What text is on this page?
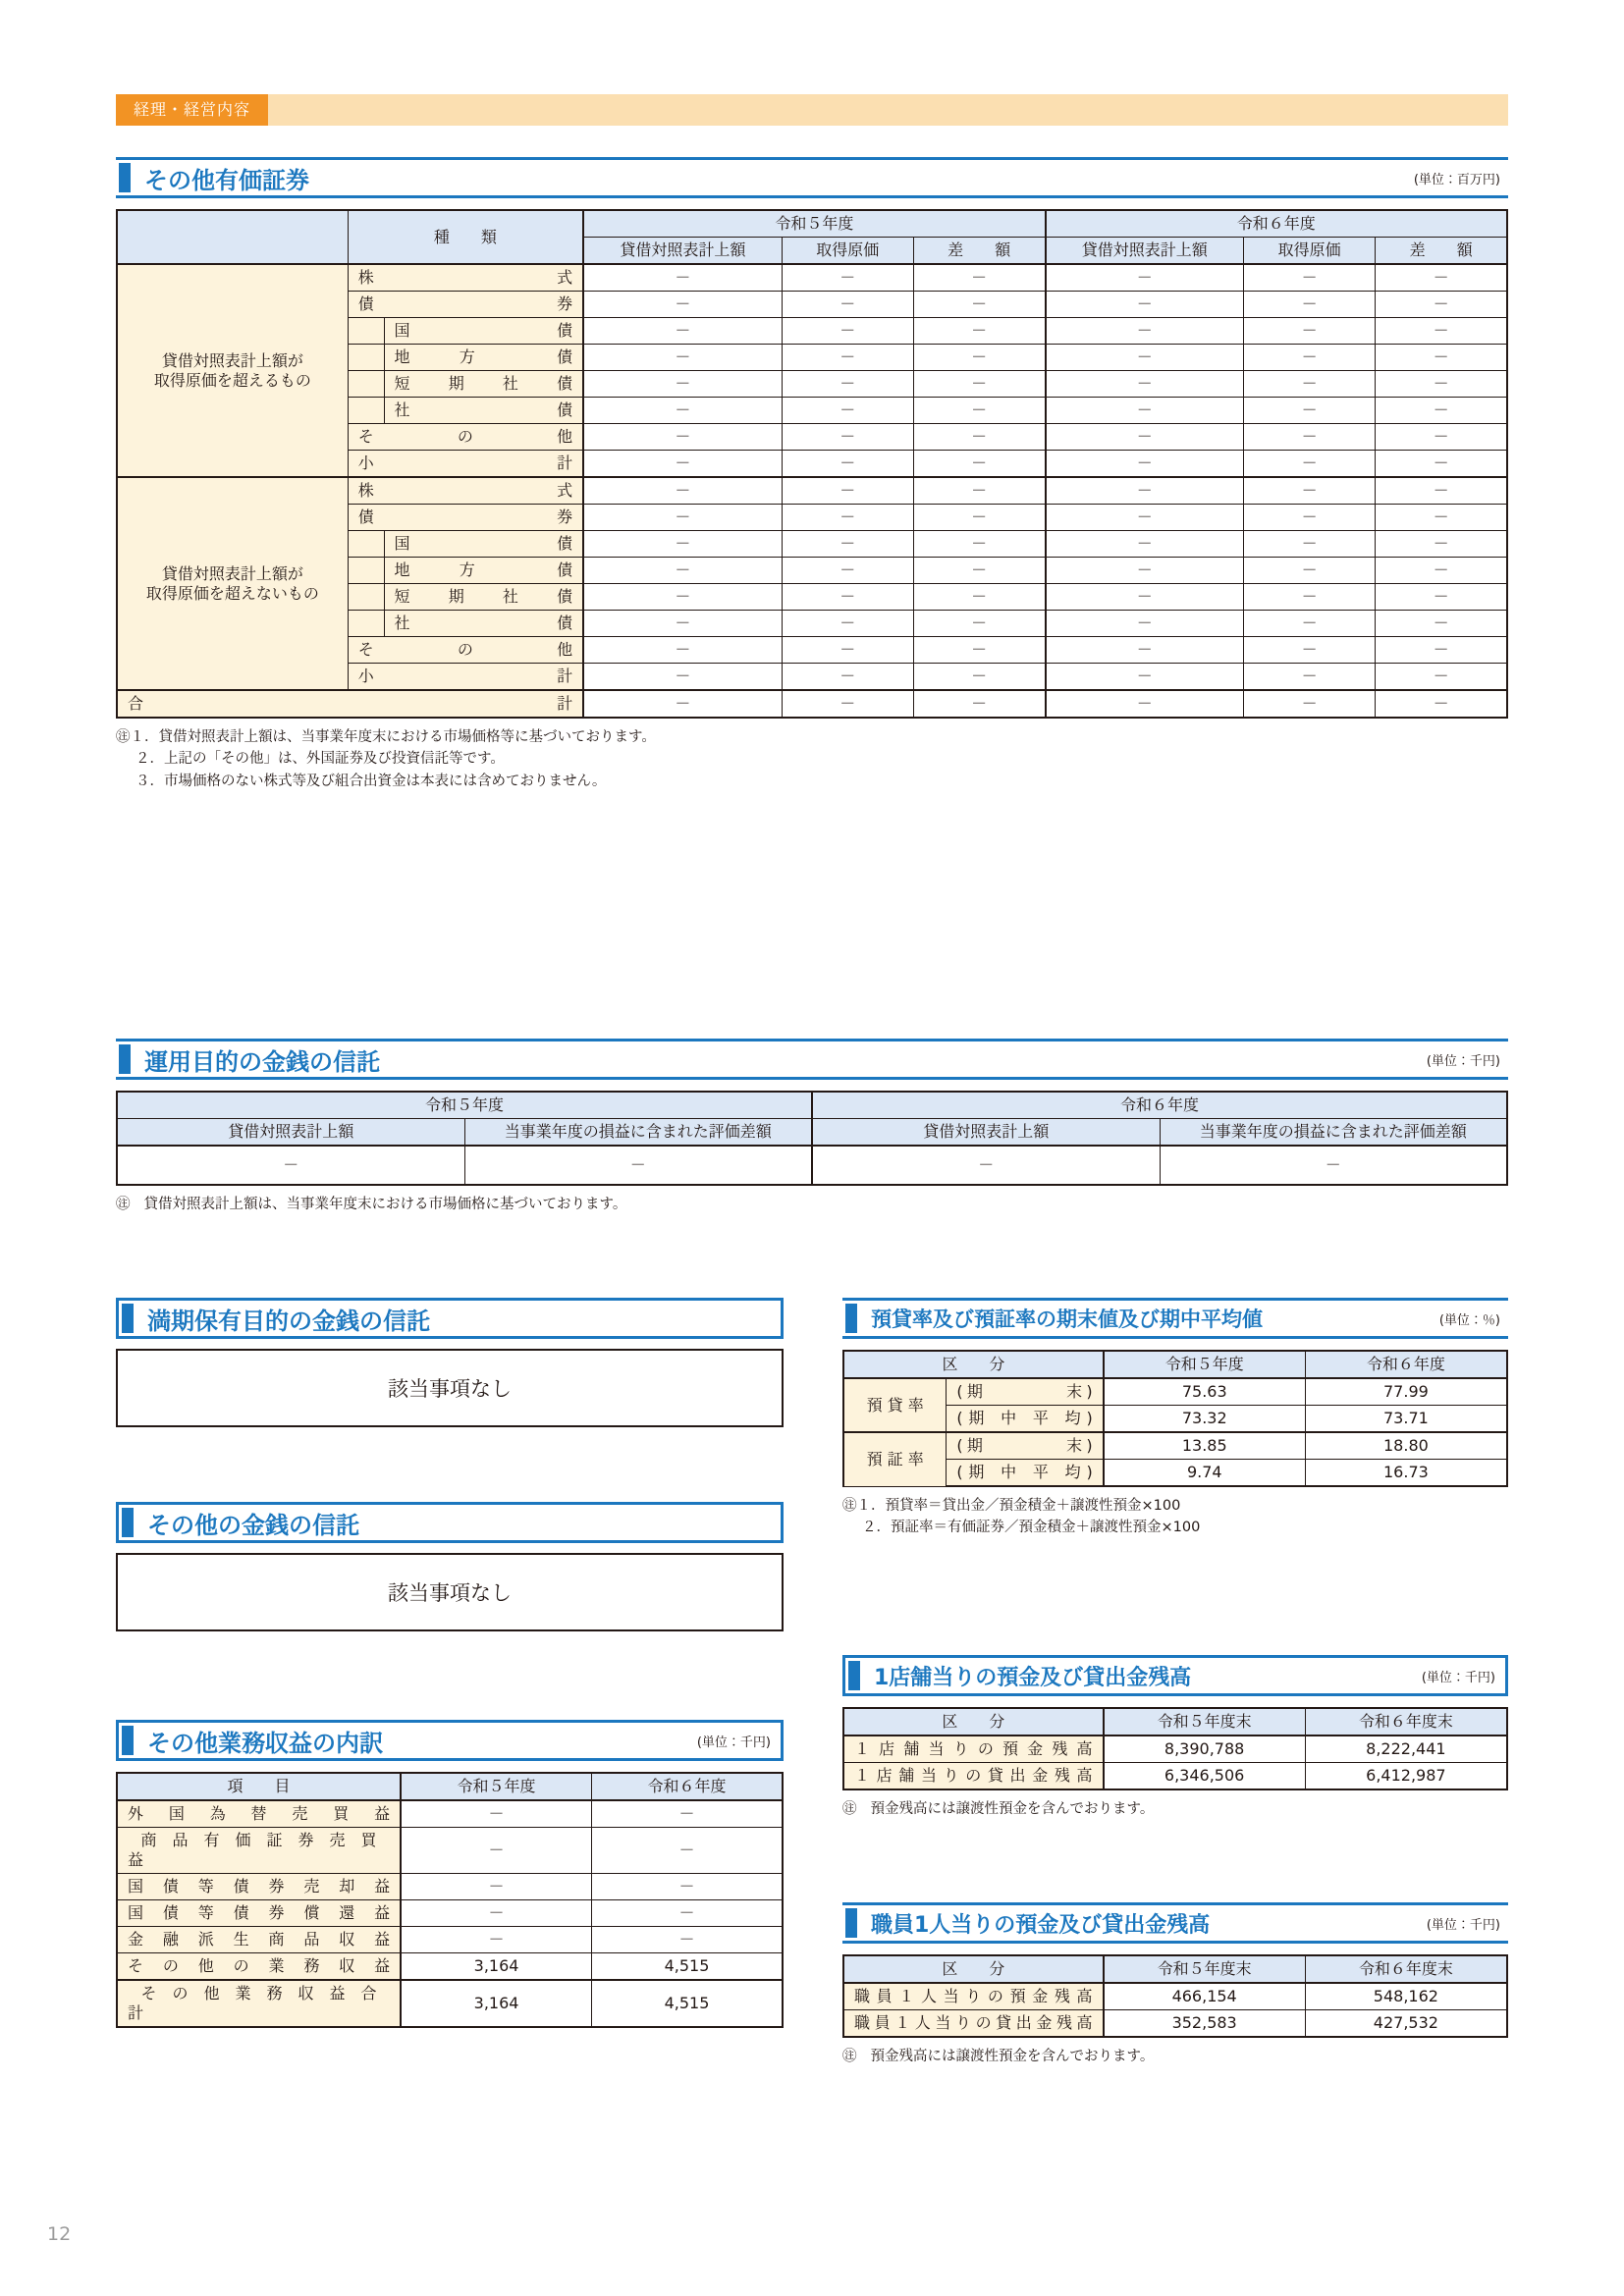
経理・経営内容
その他有価証券	(単位：百万円)
	種　　類		令和５年度			令和６年度		
			貸借対照表計上額	取得原価	差　　額	貸借対照表計上額	取得原価	差　　額

貸借対照表計上額が
取得原価を超えるもの	株　　　　　式		－	－	－	－	－	－
	債　　　　　券		－	－	－	－	－	－
		国　　　　債	－	－	－	－	－	－
		地　方　　債	－	－	－	－	－	－
		短　期　社　債	－	－	－	－	－	－
		社　　　　債	－	－	－	－	－	－
	そ　　の　　他		－	－	－	－	－	－
	小　　　　　計		－	－	－	－	－	－

貸借対照表計上額が
取得原価を超えないもの	株　　　　　式		－	－	－	－	－	－
	債　　　　　券		－	－	－	－	－	－
		国　　　　債	－	－	－	－	－	－
		地　方　　債	－	－	－	－	－	－
		短　期　社　債	－	－	－	－	－	－
		社　　　　債	－	－	－	－	－	－
	そ　　の　　他		－	－	－	－	－	－
	小　　　　　計		－	－	－	－	－	－
合計			－	－	－	－	－	－
㊟１． 貸借対照表計上額は、当事業年度末における市場価格等に基づいております。
２． 上記の「その他」は、外国証券及び投資信託等です。
３． 市場価格のない株式等及び組合出資金は本表には含めておりません。
運用目的の金銭の信託	(単位：千円)
令和５年度		令和６年度	
貸借対照表計上額	当事業年度の損益に含まれた評価差額	貸借対照表計上額	当事業年度の損益に含まれた評価差額
－	－	－	－
㊟ 貸借対照表計上額は、当事業年度末における市場価格に基づいております。
満期保有目的の金銭の信託
該当事項なし
その他の金銭の信託
該当事項なし
その他業務収益の内訳	(単位：千円)
項　　目	令和５年度	令和６年度
外　国　為　替　売　買　益	－	－
商　品　有　価　証　券　売　買　益	－	－
国　債　等　債　券　売　却　益	－	－
国　債　等　債　券　償　還　益	－	－
金　融　派　生　商　品　収　益	－	－
そ　の　他　の　業　務　収　益	3,164	4,515
そ　の　他　業　務　収　益　合　計	3,164	4,515
預貸率及び預証率の期末値及び期中平均値	(単位：％)
区　　分		令和５年度	令和６年度
預 貸 率	(期　　　　末)	75.63	77.99
	(期 中 平 均)	73.32	73.71
預 証 率	(期　　　　末)	13.85	18.80
	(期 中 平 均)	9.74	16.73
㊟１． 預貸率＝貸出金／預金積金＋譲渡性預金×100
２． 預証率＝有価証券／預金積金＋譲渡性預金×100
1店舗当りの預金及び貸出金残高	(単位：千円)
区　　分	令和５年度末	令和６年度末
１店舗当りの預金残高	8,390,788	8,222,441
１店舗当りの貸出金残高	6,346,506	6,412,987
㊟ 預金残高には譲渡性預金を含んでおります。
職員1人当りの預金及び貸出金残高	(単位：千円)
区　　分	令和５年度末	令和６年度末
職員１人当りの預金残高	466,154	548,162
職員１人当りの貸出金残高	352,583	427,532
㊟ 預金残高には譲渡性預金を含んでおります。
12
